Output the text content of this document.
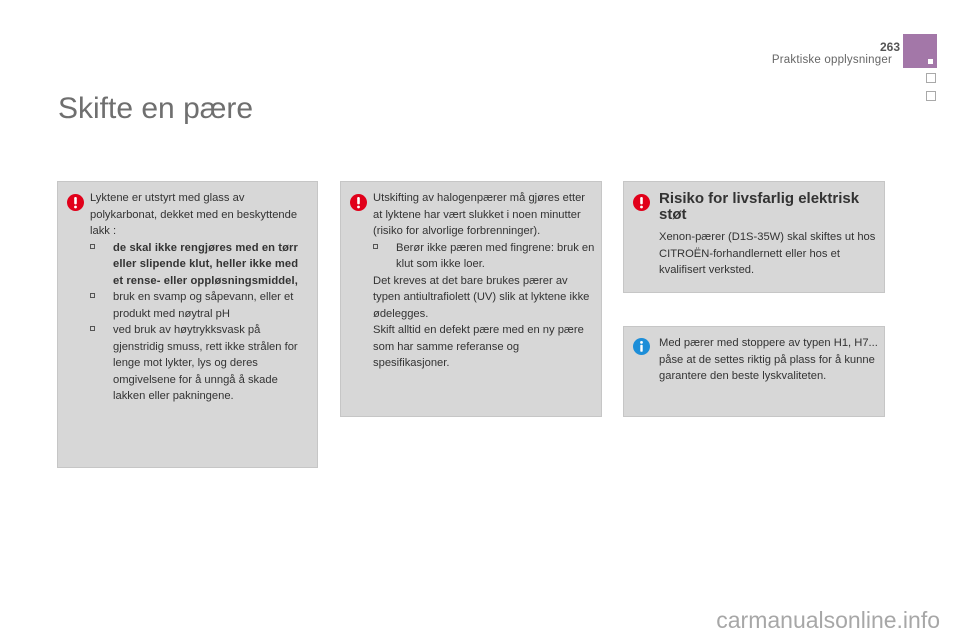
263
Praktiske opplysninger
Skifte en pære

Lyktene er utstyrt med glass av polykarbonat, dekket med en beskyttende lakk :

de skal ikke rengjøres med en tørr eller slipende klut, heller ikke med et rense- eller oppløsningsmiddel,

bruk en svamp og såpevann, eller et produkt med nøytral pH

ved bruk av høytrykksvask på gjenstridig smuss, rett ikke strålen for lenge mot lykter, lys og deres omgivelsene for å unngå å skade lakken eller pakningene.

Utskifting av halogenpærer må gjøres etter at lyktene har vært slukket i noen minutter (risiko for alvorlige forbrenninger).

Berør ikke pæren med fingrene: bruk en klut som ikke loer.

Det kreves at det bare brukes pærer av typen antiultrafiolett (UV) slik at lyktene ikke ødelegges.

Skift alltid en defekt pære med en ny pære som har samme referanse og spesifikasjoner.

Risiko for livsfarlig elektrisk støt

Xenon-pærer (D1S-35W) skal skiftes ut hos CITROËN-forhandlernett eller hos et kvalifisert verksted.

Med pærer med stoppere av typen H1, H7... påse at de settes riktig på plass for å kunne garantere den beste lyskvaliteten.

carmanualsonline.info
